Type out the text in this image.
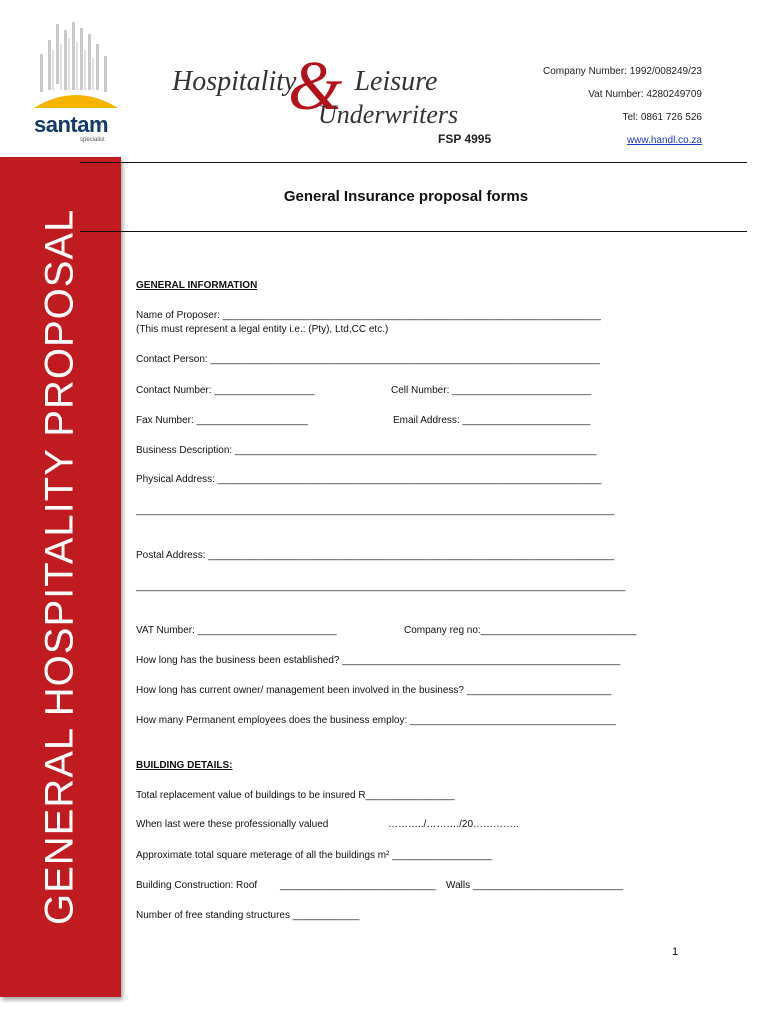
santam
specialist
&
Hospitality Leisure
Underwriters
FSP 4995
Company Number: 1992/008249/23
Vat Number: 4280249709
Tel: 0861 726 526
www.handl.co.za
GENERAL HOSPITALITY PROPOSAL
General Insurance proposal forms
GENERAL INFORMATION
Name of Proposer: ____________________________________________________________________
(This must represent a legal entity i.e.: (Pty), Ltd,CC etc.)
Contact Person: ______________________________________________________________________
Contact Number: __________________	Cell Number: _________________________
Fax Number: ____________________	Email Address: _______________________
Business Description: _________________________________________________________________
Physical Address: _____________________________________________________________________
______________________________________________________________________________________
Postal Address: _________________________________________________________________________
________________________________________________________________________________________
VAT Number: _________________________	Company reg no:____________________________
How long has the business been established? __________________________________________________
How long has current owner/ management been involved in the business? __________________________
How many Permanent employees does the business employ: _____________________________________
BUILDING DETAILS:
Total replacement value of buildings to be insured R________________
When last were these professionally valued	………../………./20…………..
Approximate total square meterage of all the buildings m² __________________
Building Construction: Roof ____________________________ Walls ___________________________
Number of free standing structures ____________
1
